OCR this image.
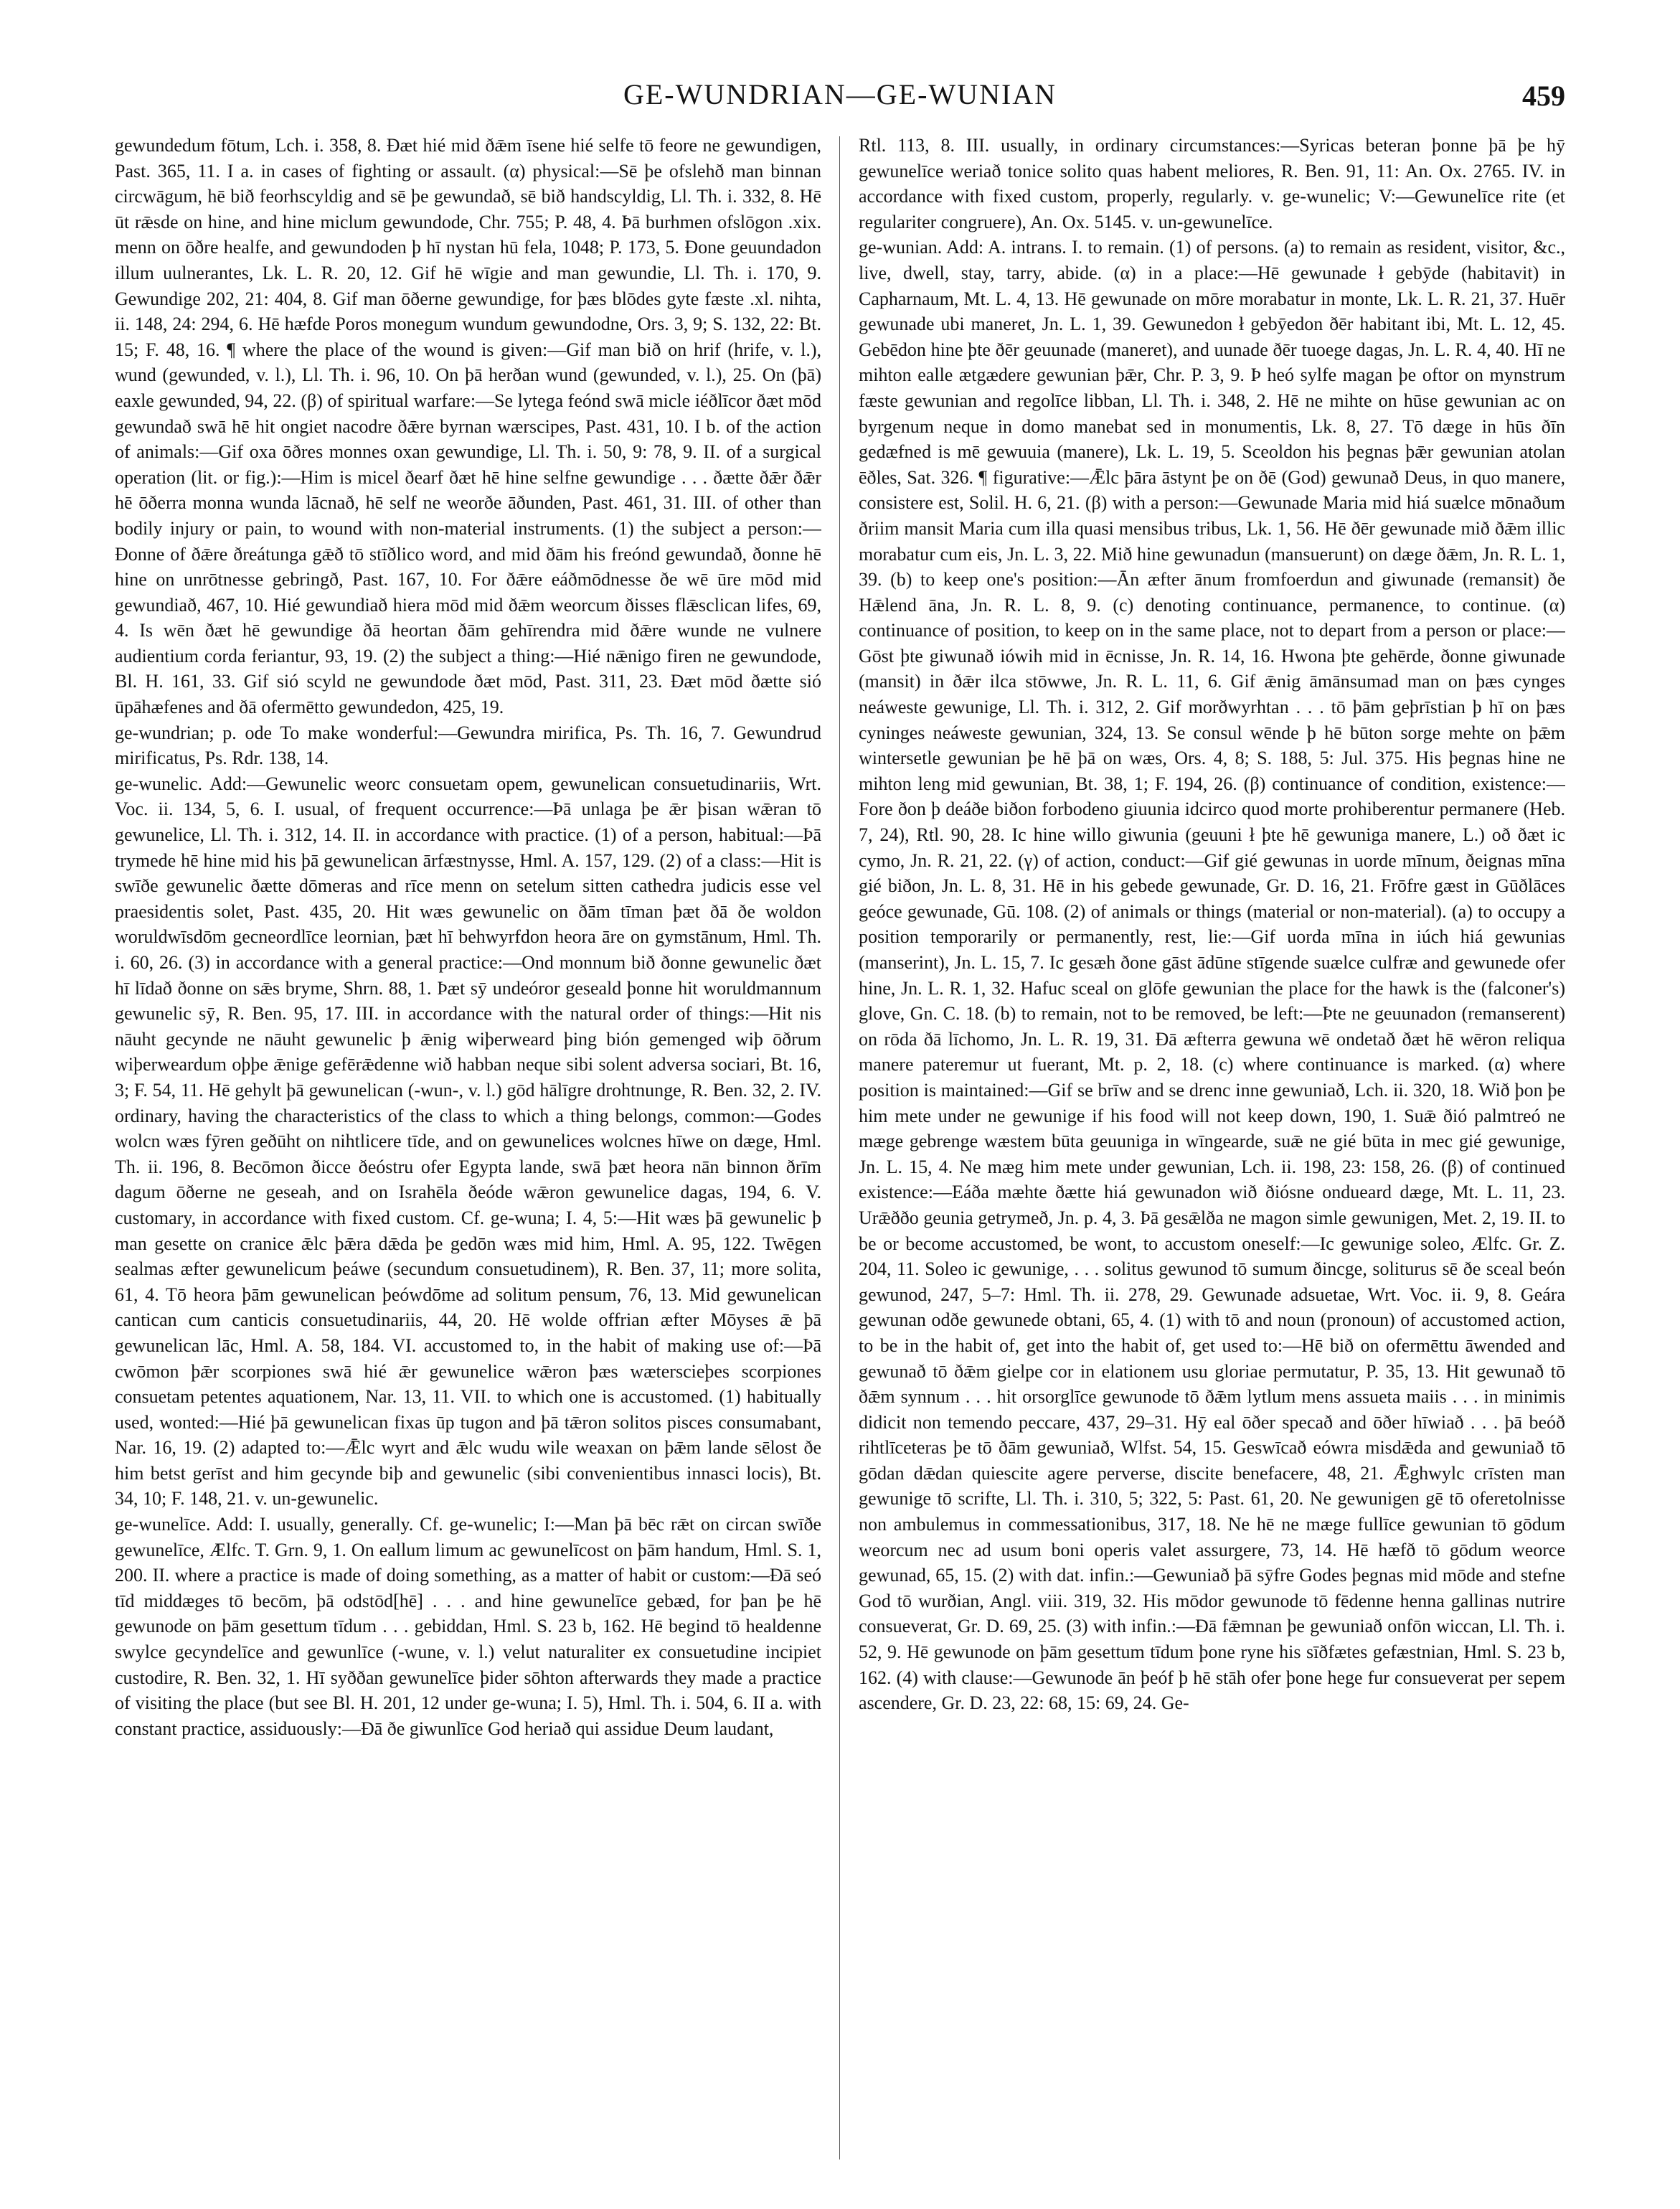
GE-WUNDRIAN—GE-WUNIAN	459

gewundedum fōtum, Lch. i. 358, 8. Ðæt hié mid ðǣm īsene hié selfe tō feore ne gewundigen, Past. 365, 11. I a. in cases of fighting or assault. (α) physical:—Sē þe ofslehð man binnan circwāgum, hē bið feorhscyldig and sē þe gewundað, sē bið handscyldig, Ll. Th. i. 332, 8. Hē ūt rǣsde on hine, and hine miclum gewundode, Chr. 755; P. 48, 4. Þā burhmen ofslōgon .xix. menn on ōðre healfe, and gewundoden þ hī nystan hū fela, 1048; P. 173, 5. Ðone geuundadon illum uulnerantes, Lk. L. R. 20, 12. Gif hē wīgie and man gewundie, Ll. Th. i. 170, 9. Gewundige 202, 21: 404, 8. Gif man ōðerne gewundige, for þæs blōdes gyte fæste .xl. nihta, ii. 148, 24: 294, 6. Hē hæfde Poros monegum wundum gewundodne, Ors. 3, 9; S. 132, 22: Bt. 15; F. 48, 16. ¶ where the place of the wound is given:—Gif man bið on hrif (hrife, v. l.), wund (gewunded, v. l.), Ll. Th. i. 96, 10. On þā herðan wund (gewunded, v. l.), 25. On (þā) eaxle gewunded, 94, 22. (β) of spiritual warfare:—Se lytega feónd swā micle iéðlīcor ðæt mōd gewundað swā hē hit ongiet nacodre ðǣre byrnan wærscipes, Past. 431, 10. I b. of the action of animals:—Gif oxa ōðres monnes oxan gewundige, Ll. Th. i. 50, 9: 78, 9. II. of a surgical operation (lit. or fig.):—Him is micel ðearf ðæt hē hine selfne gewundige . . . ðætte ðǣr ðǣr hē ōðerra monna wunda lācnað, hē self ne weorðe āðunden, Past. 461, 31. III. of other than bodily injury or pain, to wound with non-material instruments. (1) the subject a person:—Ðonne of ðǣre ðreátunga gǣð tō stīðlico word, and mid ðām his freónd gewundað, ðonne hē hine on unrōtnesse gebringð, Past. 167, 10. For ðǣre eáðmōdnesse ðe wē ūre mōd mid gewundiað, 467, 10. Hié gewundiað hiera mōd mid ðǣm weorcum ðisses flǣsclican lifes, 69, 4. Is wēn ðæt hē gewundige ðā heortan ðām gehīrendra mid ðǣre wunde ne vulnere audientium corda feriantur, 93, 19. (2) the subject a thing:—Hié nǣnigo firen ne gewundode, Bl. H. 161, 33. Gif sió scyld ne gewundode ðæt mōd, Past. 311, 23. Ðæt mōd ðætte sió ūpāhæfenes and ðā ofermētto gewundedon, 425, 19.

ge-wundrian; p. ode To make wonderful:—Gewundra mirifica, Ps. Th. 16, 7. Gewundrud mirificatus, Ps. Rdr. 138, 14.

ge-wunelic. Add:—Gewunelic weorc consuetam opem, gewunelican consuetudinariis, Wrt. Voc. ii. 134, 5, 6. I. usual, of frequent occurrence:—Þā unlaga þe ǣr þisan wǣran tō gewunelice, Ll. Th. i. 312, 14. II. in accordance with practice. (1) of a person, habitual:—Þā trymede hē hine mid his þā gewunelican ārfæstnysse, Hml. A. 157, 129. (2) of a class:—Hit is swīðe gewunelic ðætte dōmeras and rīce menn on setelum sitten cathedra judicis esse vel praesidentis solet, Past. 435, 20. Hit wæs gewunelic on ðām tīman þæt ðā ðe woldon woruldwīsdōm gecneordlīce leornian, þæt hī behwyrfdon heora āre on gymstānum, Hml. Th. i. 60, 26. (3) in accordance with a general practice:—Ond monnum bið ðonne gewunelic ðæt hī līdað ðonne on sǣs bryme, Shrn. 88, 1. Þæt sȳ undeóror geseald þonne hit woruldmannum gewunelic sȳ, R. Ben. 95, 17. III. in accordance with the natural order of things:—Hit nis nāuht gecynde ne nāuht gewunelic þ ǣnig wiþerweard þing bión gemenged wiþ ōðrum wiþerweardum oþþe ǣnige gefērǣdenne wið habban neque sibi solent adversa sociari, Bt. 16, 3; F. 54, 11. Hē gehylt þā gewunelican (-wun-, v. l.) gōd hālīgre drohtnunge, R. Ben. 32, 2. IV. ordinary, having the characteristics of the class to which a thing belongs, common:—Godes wolcn wæs fȳren geðūht on nihtlicere tīde, and on gewunelices wolcnes hīwe on dæge, Hml. Th. ii. 196, 8. Becōmon ðicce ðeóstru ofer Egypta lande, swā þæt heora nān binnon ðrīm dagum ōðerne ne geseah, and on Israhēla ðeóde wǣron gewunelice dagas, 194, 6. V. customary, in accordance with fixed custom. Cf. ge-wuna; I. 4, 5:—Hit wæs þā gewunelic þ man gesette on cranice ǣlc þǣra dǣda þe gedōn wæs mid him, Hml. A. 95, 122. Twēgen sealmas æfter gewunelicum þeáwe (secundum consuetudinem), R. Ben. 37, 11; more solita, 61, 4. Tō heora þām gewunelican þeówdōme ad solitum pensum, 76, 13. Mid gewunelican cantican cum canticis consuetudinariis, 44, 20. Hē wolde offrian æfter Mōyses ǣ þā gewunelican lāc, Hml. A. 58, 184. VI. accustomed to, in the habit of making use of:—Þā cwōmon þǣr scorpiones swā hié ǣr gewunelice wǣron þæs wæterscieþes scorpiones consuetam petentes aquationem, Nar. 13, 11. VII. to which one is accustomed. (1) habitually used, wonted:—Hié þā gewunelican fixas ūp tugon and þā tǣron solitos pisces consumabant, Nar. 16, 19. (2) adapted to:—Ǣlc wyrt and ǣlc wudu wile weaxan on þǣm lande sēlost ðe him betst gerīst and him gecynde biþ and gewunelic (sibi convenientibus innasci locis), Bt. 34, 10; F. 148, 21. v. un-gewunelic.

ge-wunelīce. Add: I. usually, generally. Cf. ge-wunelic; I:—Man þā bēc rǣt on circan swīðe gewunelīce, Ælfc. T. Grn. 9, 1. On eallum limum ac gewunelīcost on þām handum, Hml. S. 1, 200. II. where a practice is made of doing something, as a matter of habit or custom:—Ðā seó tīd middæges tō becōm, þā odstōd[hē] . . . and hine gewunelīce gebæd, for þan þe hē gewunode on þām gesettum tīdum . . . gebiddan, Hml. S. 23 b, 162. Hē begind tō healdenne swylce gecyndelīce and gewunlīce (-wune, v. l.) velut naturaliter ex consuetudine incipiet custodire, R. Ben. 32, 1. Hī syððan gewunelīce þider sōhton afterwards they made a practice of visiting the place (but see Bl. H. 201, 12 under ge-wuna; I. 5), Hml. Th. i. 504, 6. II a. with constant practice, assiduously:—Ðā ðe giwunlīce God heriað qui assidue Deum laudant,

Rtl. 113, 8. III. usually, in ordinary circumstances:—Syricas beteran þonne þā þe hȳ gewunelīce weriað tonice solito quas habent meliores, R. Ben. 91, 11: An. Ox. 2765. IV. in accordance with fixed custom, properly, regularly. v. ge-wunelic; V:—Gewunelīce rite (et regulariter congruere), An. Ox. 5145. v. un-gewunelīce.

ge-wunian. Add: A. intrans. I. to remain. (1) of persons. (a) to remain as resident, visitor, &c., live, dwell, stay, tarry, abide. (α) in a place:—Hē gewunade ł gebȳde (habitavit) in Capharnaum, Mt. L. 4, 13. Hē gewunade on mōre morabatur in monte, Lk. L. R. 21, 37. Huēr gewunade ubi maneret, Jn. L. 1, 39. Gewunedon ł gebȳedon ðēr habitant ibi, Mt. L. 12, 45. Gebēdon hine þte ðēr geuunade (maneret), and uunade ðēr tuoege dagas, Jn. L. R. 4, 40. Hī ne mihton ealle ætgædere gewunian þǣr, Chr. P. 3, 9. Þ heó sylfe magan þe oftor on mynstrum fæste gewunian and regolīce libban, Ll. Th. i. 348, 2. Hē ne mihte on hūse gewunian ac on byrgenum neque in domo manebat sed in monumentis, Lk. 8, 27. Tō dæge in hūs ðīn gedæfned is mē gewuuia (manere), Lk. L. 19, 5. Sceoldon his þegnas þǣr gewunian atolan ēðles, Sat. 326. ¶ figurative:—Ǣlc þāra āstynt þe on ðē (God) gewunað Deus, in quo manere, consistere est, Solil. H. 6, 21. (β) with a person:—Gewunade Maria mid hiá suælce mōnaðum ðriim mansit Maria cum illa quasi mensibus tribus, Lk. 1, 56. Hē ðēr gewunade mið ðǣm illic morabatur cum eis, Jn. L. 3, 22. Mið hine gewunadun (mansuerunt) on dæge ðǣm, Jn. R. L. 1, 39. (b) to keep one's position:—Ān æfter ānum fromfoerdun and giwunade (remansit) ðe Hǣlend āna, Jn. R. L. 8, 9. (c) denoting continuance, permanence, to continue. (α) continuance of position, to keep on in the same place, not to depart from a person or place:—Gōst þte giwunað iówih mid in ēcnisse, Jn. R. 14, 16. Hwona þte gehērde, ðonne giwunade (mansit) in ðǣr ilca stōwwe, Jn. R. L. 11, 6. Gif ǣnig āmānsumad man on þæs cynges neáweste gewunige, Ll. Th. i. 312, 2. Gif morðwyrhtan . . . tō þām geþrīstian þ hī on þæs cyninges neáweste gewunian, 324, 13. Se consul wēnde þ hē būton sorge mehte on þǣm wintersetle gewunian þe hē þā on wæs, Ors. 4, 8; S. 188, 5: Jul. 375. His þegnas hine ne mihton leng mid gewunian, Bt. 38, 1; F. 194, 26. (β) continuance of condition, existence:—Fore ðon þ deáðe biðon forbodeno giuunia idcirco quod morte prohiberentur permanere (Heb. 7, 24), Rtl. 90, 28. Ic hine willo giwunia (geuuni ł þte hē gewuniga manere, L.) oð ðæt ic cymo, Jn. R. 21, 22. (γ) of action, conduct:—Gif gié gewunas in uorde mīnum, ðeignas mīna gié biðon, Jn. L. 8, 31. Hē in his gebede gewunade, Gr. D. 16, 21. Frōfre gæst in Gūðlāces geóce gewunade, Gū. 108. (2) of animals or things (material or non-material). (a) to occupy a position temporarily or permanently, rest, lie:—Gif uorda mīna in iúch hiá gewunias (manserint), Jn. L. 15, 7. Ic gesæh ðone gāst ādūne stīgende suælce culfræ and gewunede ofer hine, Jn. L. R. 1, 32. Hafuc sceal on glōfe gewunian the place for the hawk is the (falconer's) glove, Gn. C. 18. (b) to remain, not to be removed, be left:—Þte ne geuunadon (remanserent) on rōda ðā līchomo, Jn. L. R. 19, 31. Ðā æfterra gewuna wē ondetað ðæt hē wēron reliqua manere pateremur ut fuerant, Mt. p. 2, 18. (c) where continuance is marked. (α) where position is maintained:—Gif se brīw and se drenc inne gewuniað, Lch. ii. 320, 18. Wið þon þe him mete under ne gewunige if his food will not keep down, 190, 1. Suǣ ðió palmtreó ne mæge gebrenge wæstem būta geuuniga in wīngearde, suǣ ne gié būta in mec gié gewunige, Jn. L. 15, 4. Ne mæg him mete under gewunian, Lch. ii. 198, 23: 158, 26. (β) of continued existence:—Eáða mæhte ðætte hiá gewunadon wið ðiósne ondueard dæge, Mt. L. 11, 23. Urǣððo geunia getrymeð, Jn. p. 4, 3. Þā gesǣlða ne magon simle gewunigen, Met. 2, 19. II. to be or become accustomed, be wont, to accustom oneself:—Ic gewunige soleo, Ælfc. Gr. Z. 204, 11. Soleo ic gewunige, . . . solitus gewunod tō sumum ðincge, soliturus sē ðe sceal beón gewunod, 247, 5–7: Hml. Th. ii. 278, 29. Gewunade adsuetae, Wrt. Voc. ii. 9, 8. Geára gewunan odðe gewunede obtani, 65, 4. (1) with tō and noun (pronoun) of accustomed action, to be in the habit of, get into the habit of, get used to:—Hē bið on ofermēttu āwended and gewunað tō ðǣm gielpe cor in elationem usu gloriae permutatur, P. 35, 13. Hit gewunað tō ðǣm synnum . . . hit orsorglīce gewunode tō ðǣm lytlum mens assueta maiis . . . in minimis didicit non temendo peccare, 437, 29–31. Hȳ eal ōðer specað and ōðer hīwiað . . . þā beóð rihtlīceteras þe tō ðām gewuniað, Wlfst. 54, 15. Geswīcað eówra misdǣda and gewuniað tō gōdan dǣdan quiescite agere perverse, discite benefacere, 48, 21. Ǣghwylc crīsten man gewunige tō scrifte, Ll. Th. i. 310, 5; 322, 5: Past. 61, 20. Ne gewunigen gē tō oferetolnisse non ambulemus in commessationibus, 317, 18. Ne hē ne mæge fullīce gewunian tō gōdum weorcum nec ad usum boni operis valet assurgere, 73, 14. Hē hæfð tō gōdum weorce gewunad, 65, 15. (2) with dat. infin.:—Gewuniað þā sȳfre Godes þegnas mid mōde and stefne God tō wurðian, Angl. viii. 319, 32. His mōdor gewunode tō fēdenne henna gallinas nutrire consueverat, Gr. D. 69, 25. (3) with infin.:—Ðā fǣmnan þe gewuniað onfōn wiccan, Ll. Th. i. 52, 9. Hē gewunode on þām gesettum tīdum þone ryne his sīðfætes gefæstnian, Hml. S. 23 b, 162. (4) with clause:—Gewunode ān þeóf þ hē stāh ofer þone hege fur consueverat per sepem ascendere, Gr. D. 23, 22: 68, 15: 69, 24. Ge-
